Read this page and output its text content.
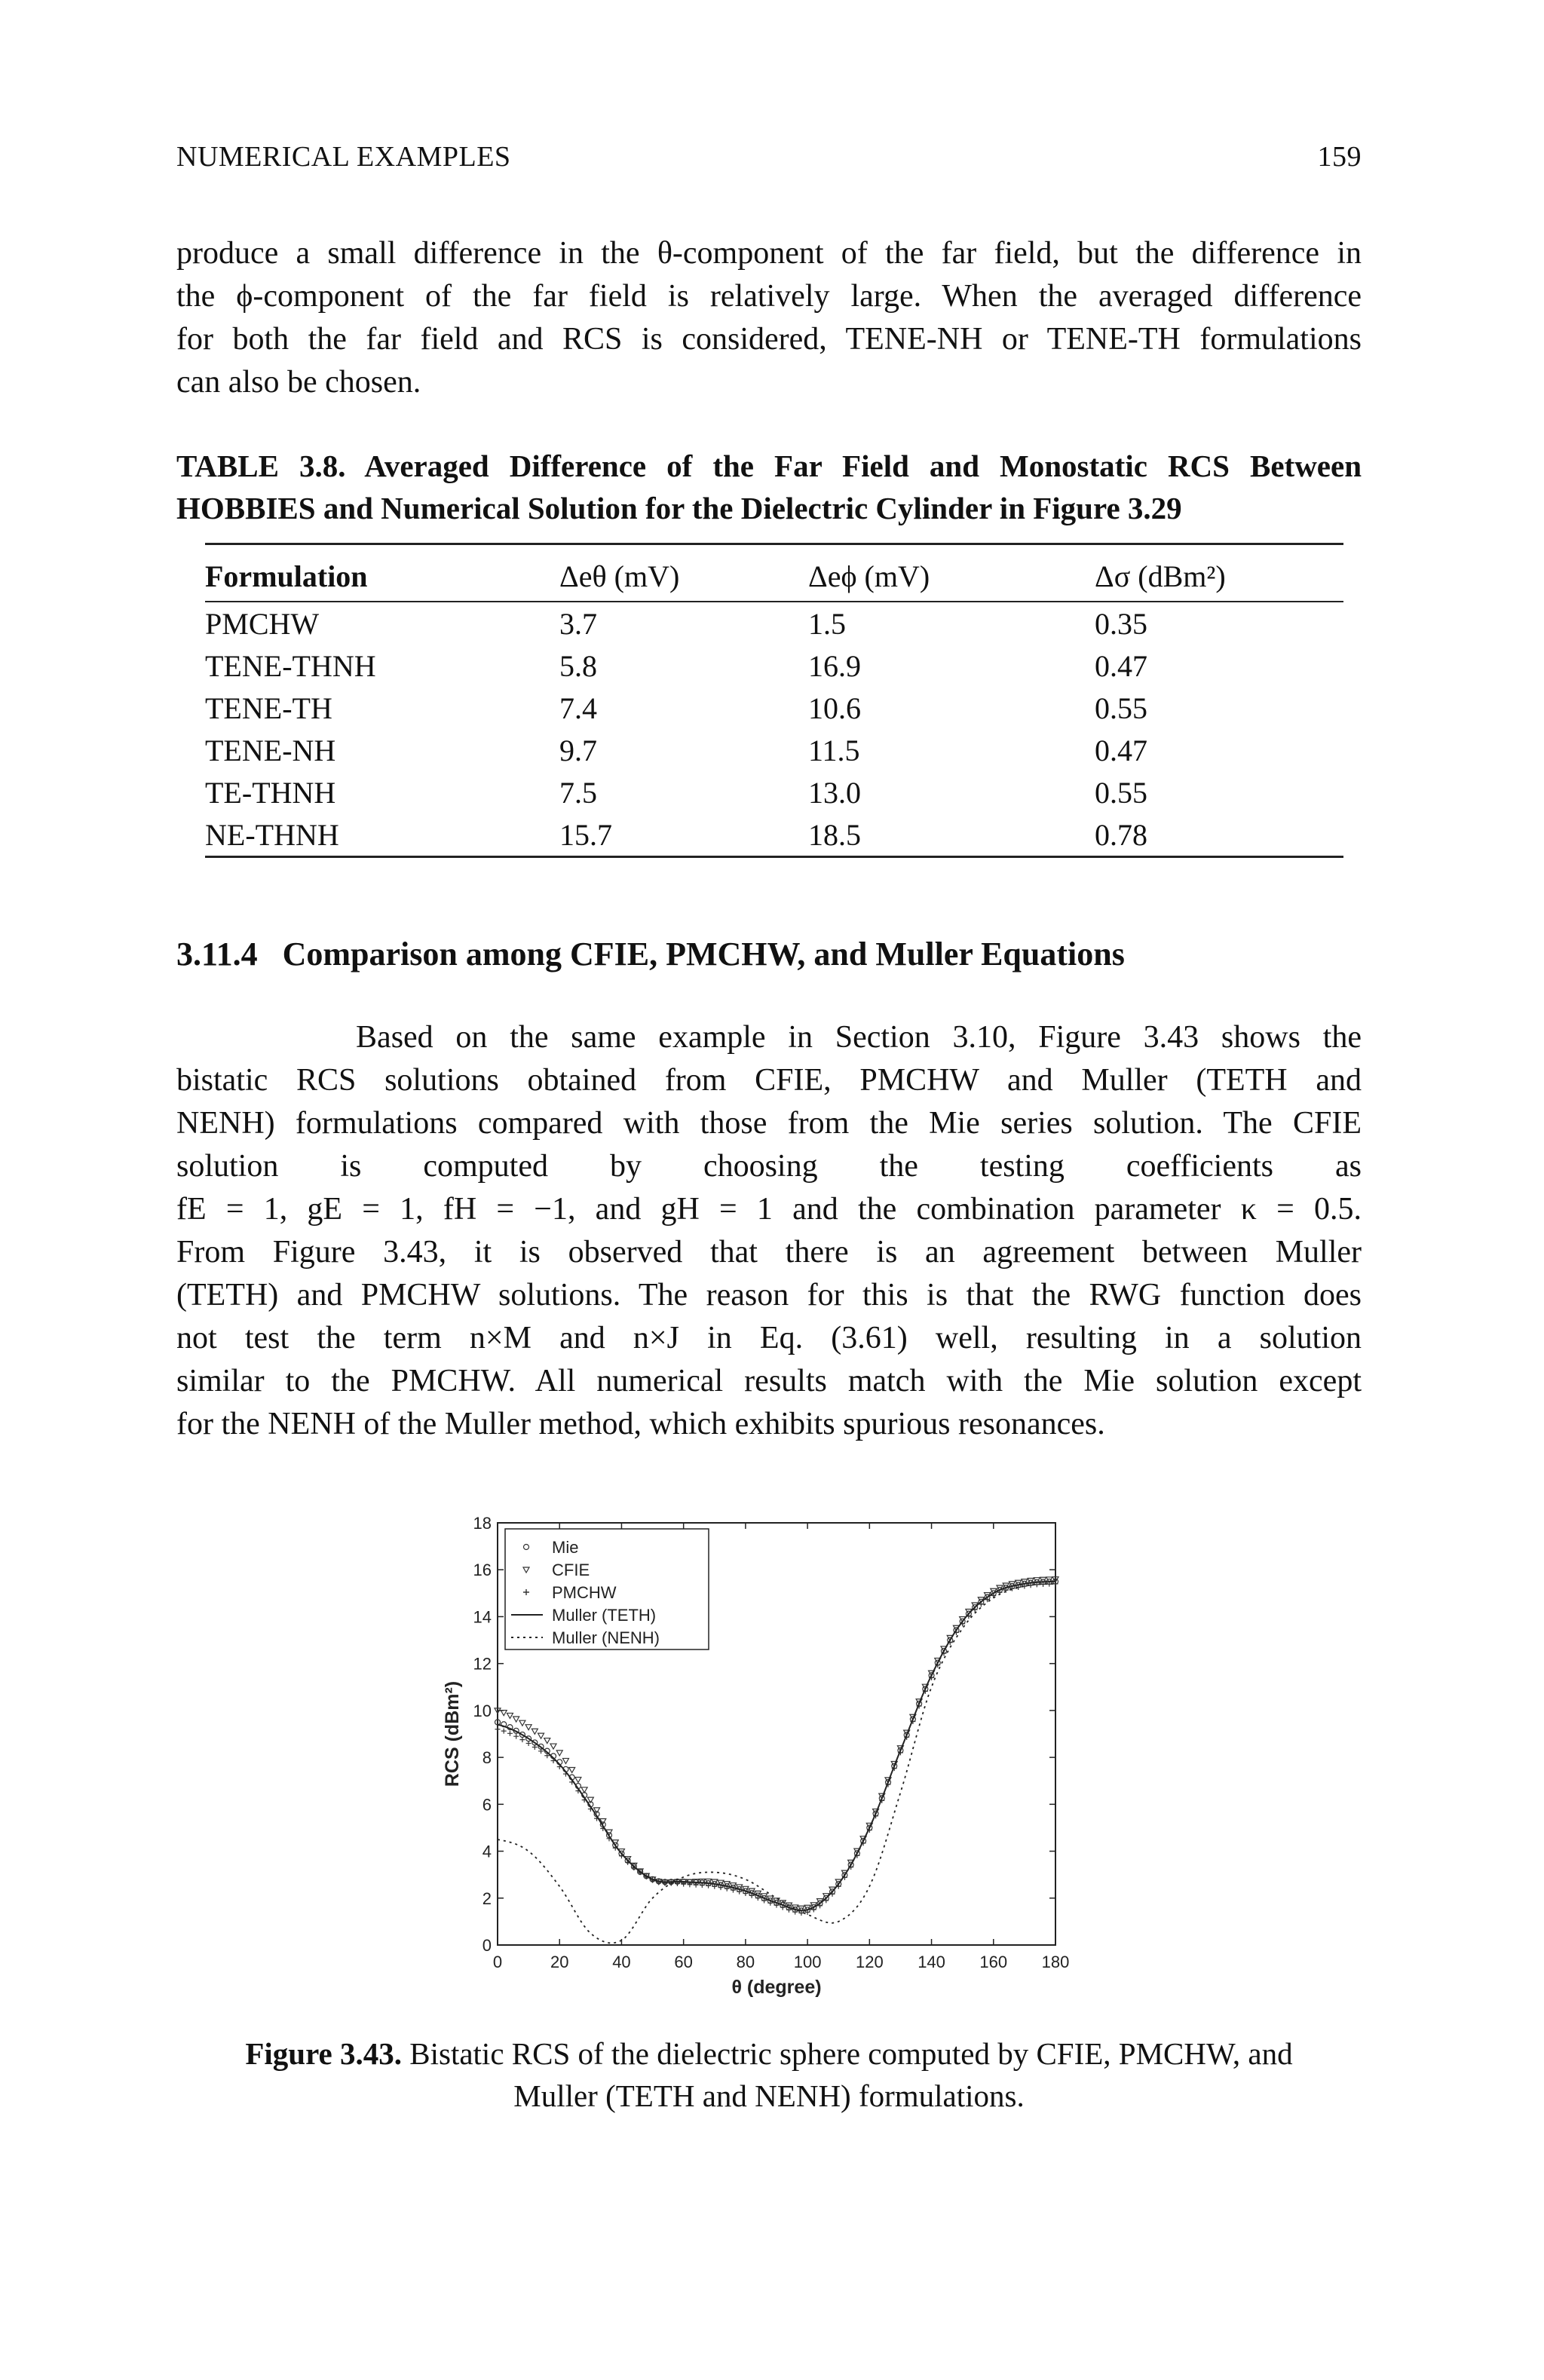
NUMERICAL EXAMPLES	159
produce a small difference in the θ-component of the far field, but the difference in
the ϕ-component of the far field is relatively large. When the averaged difference
for both the far field and RCS is considered, TENE-NH or TENE-TH formulations
can also be chosen.
TABLE 3.8. Averaged Difference of the Far Field and Monostatic RCS Between
HOBBIES and Numerical Solution for the Dielectric Cylinder in Figure 3.29
Formulation	Δeθ (mV)	Δeϕ (mV)	Δσ (dBm²)
PMCHW	3.7	1.5	0.35
TENE-THNH	5.8	16.9	0.47
TENE-TH	7.4	10.6	0.55
TENE-NH	9.7	11.5	0.47
TE-THNH	7.5	13.0	0.55
NE-THNH	15.7	18.5	0.78
3.11.4   Comparison among CFIE, PMCHW, and Muller Equations
Based on the same example in Section 3.10, Figure 3.43 shows the
bistatic RCS solutions obtained from CFIE, PMCHW and Muller (TETH and
NENH) formulations compared with those from the Mie series solution. The CFIE
solution   is   computed   by   choosing   the   testing   coefficients   as
fE = 1, gE = 1, fH = −1, and gH = 1 and the combination parameter κ = 0.5.
From Figure 3.43, it is observed that there is an agreement between Muller
(TETH) and PMCHW solutions. The reason for this is that the RWG function does
not test the term n×M and n×J in Eq. (3.61) well, resulting in a solution
similar to the PMCHW. All numerical results match with the Mie solution except
for the NENH of the Muller method, which exhibits spurious resonances.
0	20	40	60	80 100 120 140 160 180
0
2
4
6
8
10
12
14
16
18
θ (degree)
RCS (dBm²)
Mie
CFIE
PMCHW
Muller (TETH)
Muller (NENH)
Figure 3.43. Bistatic RCS of the dielectric sphere computed by CFIE, PMCHW, and
Muller (TETH and NENH) formulations.
